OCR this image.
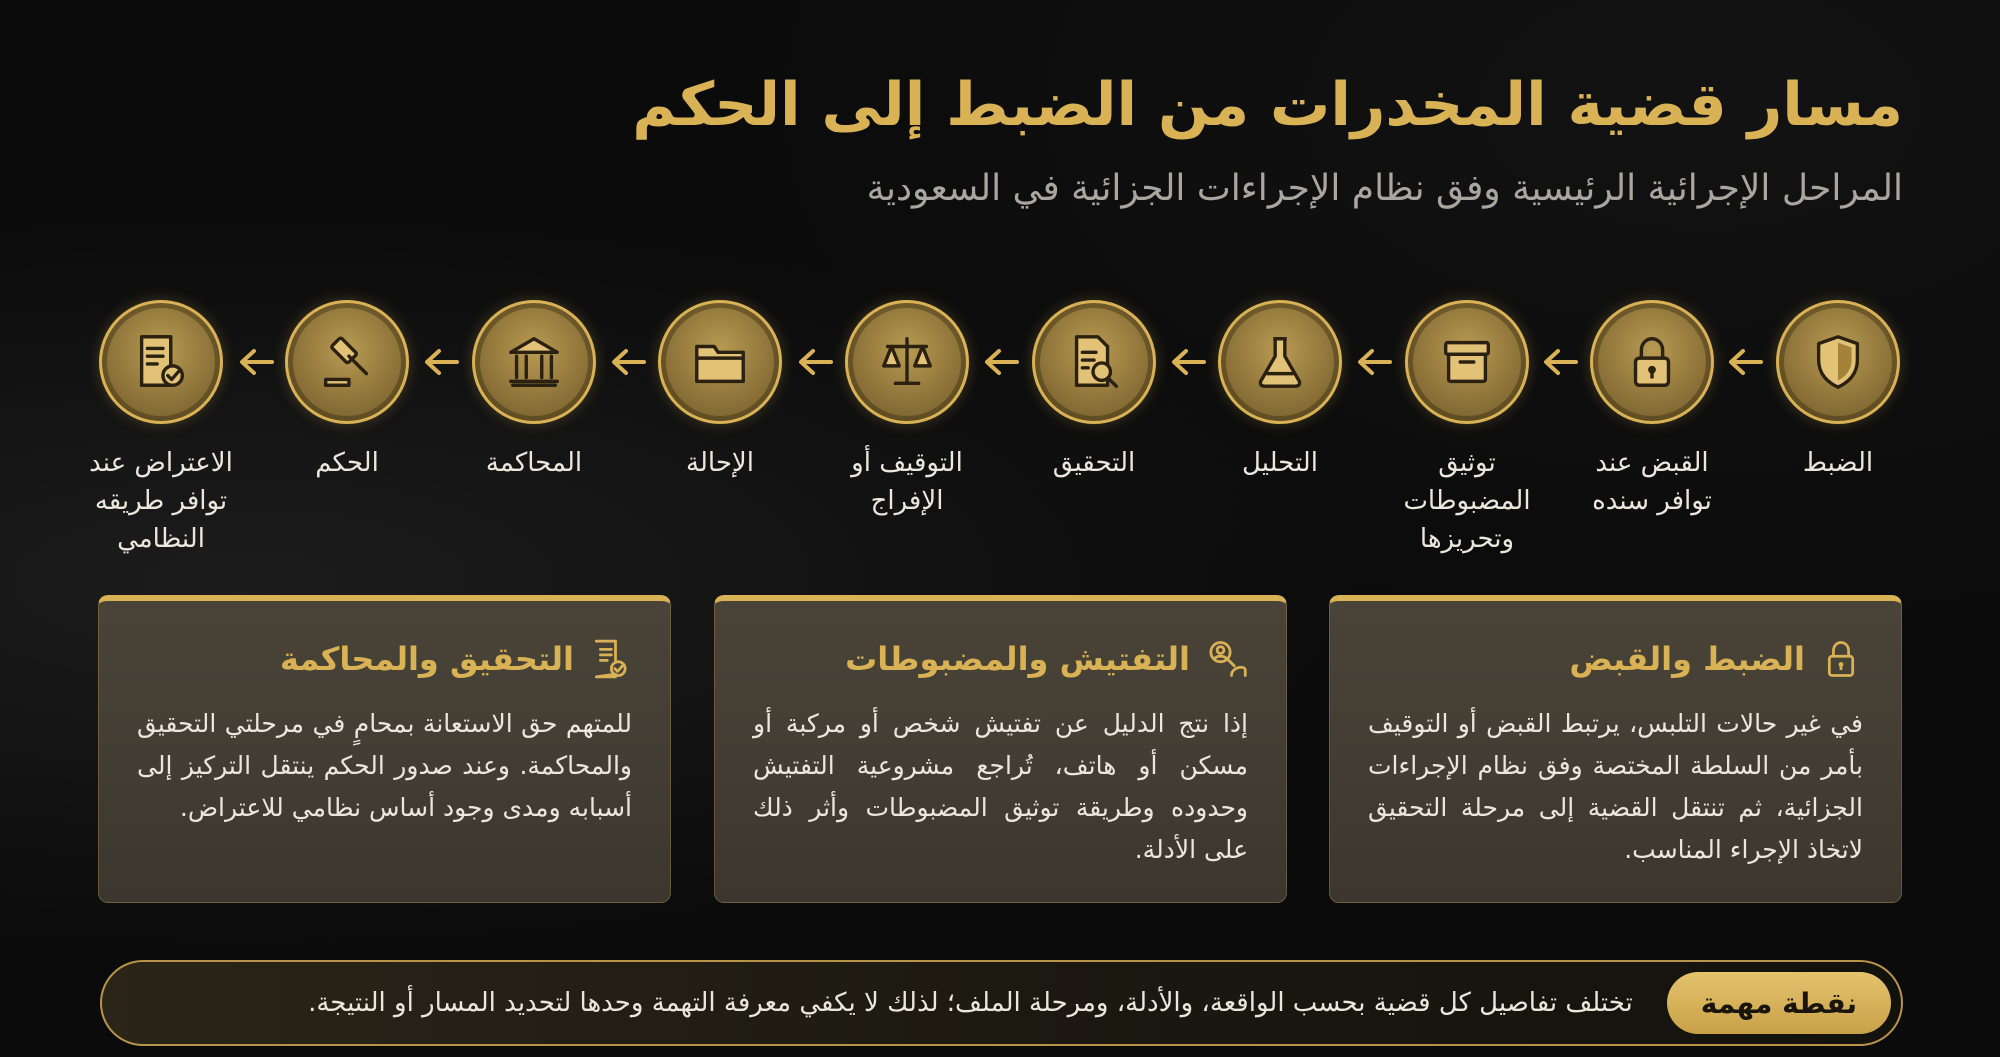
مسار قضية المخدرات من الضبط إلى الحكم
المراحل الإجرائية الرئيسية وفق نظام الإجراءات الجزائية في السعودية
الضبط
القبض عند توافر سنده
توثيق المضبوطات وتحريزها
التحليل
التحقيق
التوقيف أو الإفراج
الإحالة
المحاكمة
الحكم
الاعتراض عند توافر طريقه النظامي
الضبط والقبض
في غير حالات التلبس، يرتبط القبض أو التوقيف بأمر من السلطة المختصة وفق نظام الإجراءات الجزائية، ثم تنتقل القضية إلى مرحلة التحقيق لاتخاذ الإجراء المناسب.
التفتيش والمضبوطات
إذا نتج الدليل عن تفتيش شخص أو مركبة أو مسكن أو هاتف، تُراجع مشروعية التفتيش وحدوده وطريقة توثيق المضبوطات وأثر ذلك على الأدلة.
التحقيق والمحاكمة
للمتهم حق الاستعانة بمحامٍ في مرحلتي التحقيق والمحاكمة. وعند صدور الحكم ينتقل التركيز إلى أسبابه ومدى وجود أساس نظامي للاعتراض.
نقطة مهمة
تختلف تفاصيل كل قضية بحسب الواقعة، والأدلة، ومرحلة الملف؛ لذلك لا يكفي معرفة التهمة وحدها لتحديد المسار أو النتيجة.
